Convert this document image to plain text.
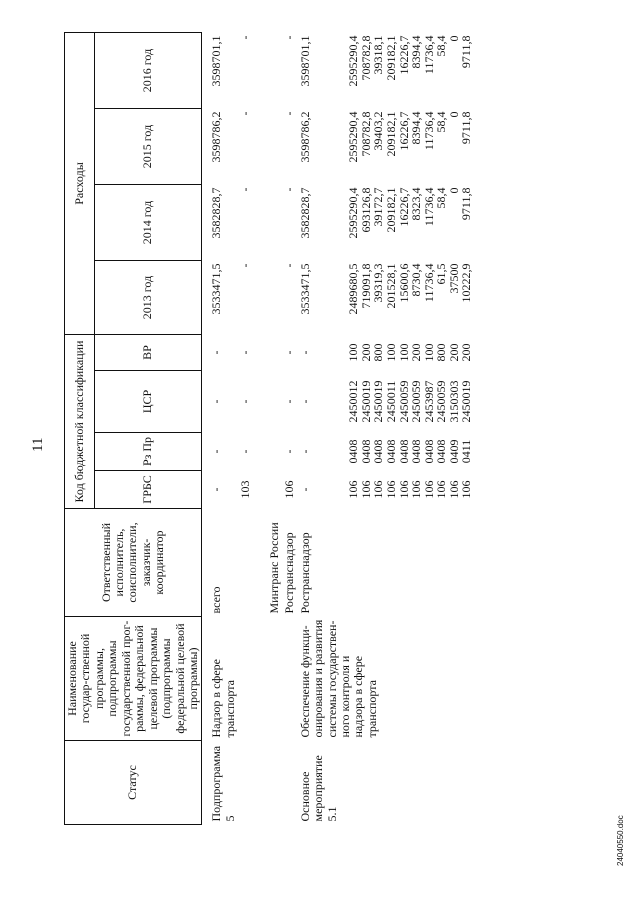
11
24040550.doc
Статус	Наименование государ-ственной программы, подпрограммы государственной прог-раммы, федеральной целевой программы (подпрограммы федеральной целевой программы)	Ответственный исполнитель, соисполнители, заказчик-координатор	Код бюджетной классификации				Расходы			
			ГРБС	Рз Пр	ЦСР	ВР	2013 год	2014 год	2015 год	2016 год

Подпрограмма 5	Надзор в сфере транспорта	всего	-	-	-	-	3533471,5	3582828,7	3598786,2	3598701,1
		Минтранс России	103	-	-	-	-	-	-	-
		Ространснадзор	106	-	-	-	-	-	-	-
Основное мероприятие 5.1	Обеспечение функци-онирования и развития системы государствен-ного контроля и надзора в сфере транспорта	Ространснадзор	-	-	-	-	3533471,5	3582828,7	3598786,2	3598701,1

			106	0408	2450012	100	2489680,5	2595290,4	2595290,4	2595290,4
			106	0408	2450019	200	719091,8	693126,8	708782,8	708782,8
			106	0408	2450019	800	39319,3	39172,7	39403,2	39318,1
			106	0408	2450011	100	201528,1	209182,1	209182,1	209182,1
			106	0408	2450059	100	15600,6	16226,7	16226,7	16226,7
			106	0408	2450059	200	8730,4	8323,4	8394,4	8394,4
			106	0408	2453987	100	11736,4	11736,4	11736,4	11736,4
			106	0408	2450059	800	61,5	58,4	58,4	58,4
			106	0409	3150303	200	37500	0	0	0
			106	0411	2450019	200	10222,9	9711,8	9711,8	9711,8
